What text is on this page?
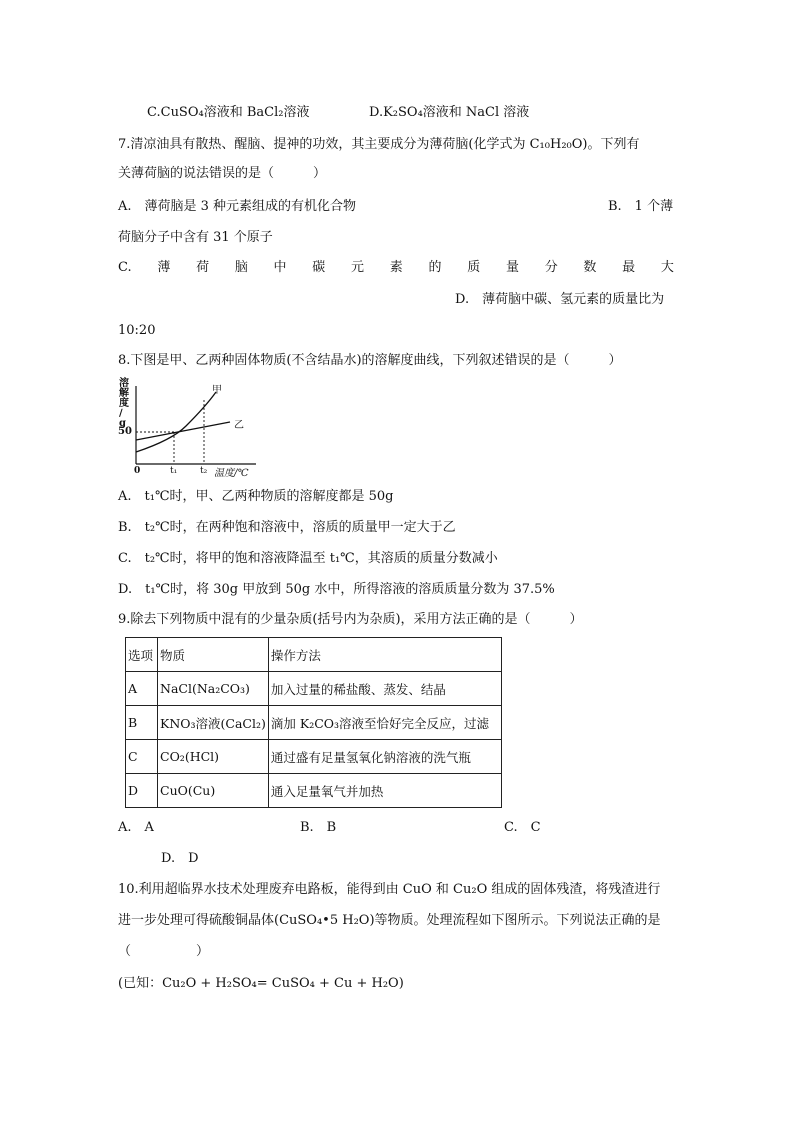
C.CuSO₄溶液和 BaCl₂溶液	D.K₂SO₄溶液和 NaCl 溶液
7.清凉油具有散热、醒脑、提神的功效，其主要成分为薄荷脑(化学式为 C₁₀H₂₀O)。下列有
关薄荷脑的说法错误的是（　　　）
A.　薄荷脑是 3 种元素组成的有机化合物	B.　1 个薄
荷脑分子中含有 31 个原子
C. 薄 荷 脑 中 碳 元 素 的 质 量 分 数 最 大
D.　薄荷脑中碳、氢元素的质量比为
10:20
8.下图是甲、乙两种固体物质(不含结晶水)的溶解度曲线，下列叙述错误的是（　　　）
溶
解
度
∕
g
50
0	t₁	t₂ 温度/℃
甲
乙
A.　t₁℃时，甲、乙两种物质的溶解度都是 50g
B.　t₂℃时，在两种饱和溶液中，溶质的质量甲一定大于乙
C.　t₂℃时，将甲的饱和溶液降温至 t₁℃，其溶质的质量分数减小
D.　t₁℃时，将 30g 甲放到 50g 水中，所得溶液的溶质质量分数为 37.5%
9.除去下列物质中混有的少量杂质(括号内为杂质)，采用方法正确的是（　　　）
选项	物质	操作方法
A	NaCl(Na₂CO₃)	加入过量的稀盐酸、蒸发、结晶
B	KNO₃溶液(CaCl₂)	滴加 K₂CO₃溶液至恰好完全反应，过滤
C	CO₂(HCl)	通过盛有足量氢氧化钠溶液的洗气瓶
D	CuO(Cu)	通入足量氧气并加热
A.　A	B.　B	C.　C
D.　D
10.利用超临界水技术处理废弃电路板，能得到由 CuO 和 Cu₂O 组成的固体残渣，将残渣进行
进一步处理可得硫酸铜晶体(CuSO₄•5 H₂O)等物质。处理流程如下图所示。下列说法正确的是
（　　　　　）
(已知：Cu₂O + H₂SO₄= CuSO₄ + Cu + H₂O)
